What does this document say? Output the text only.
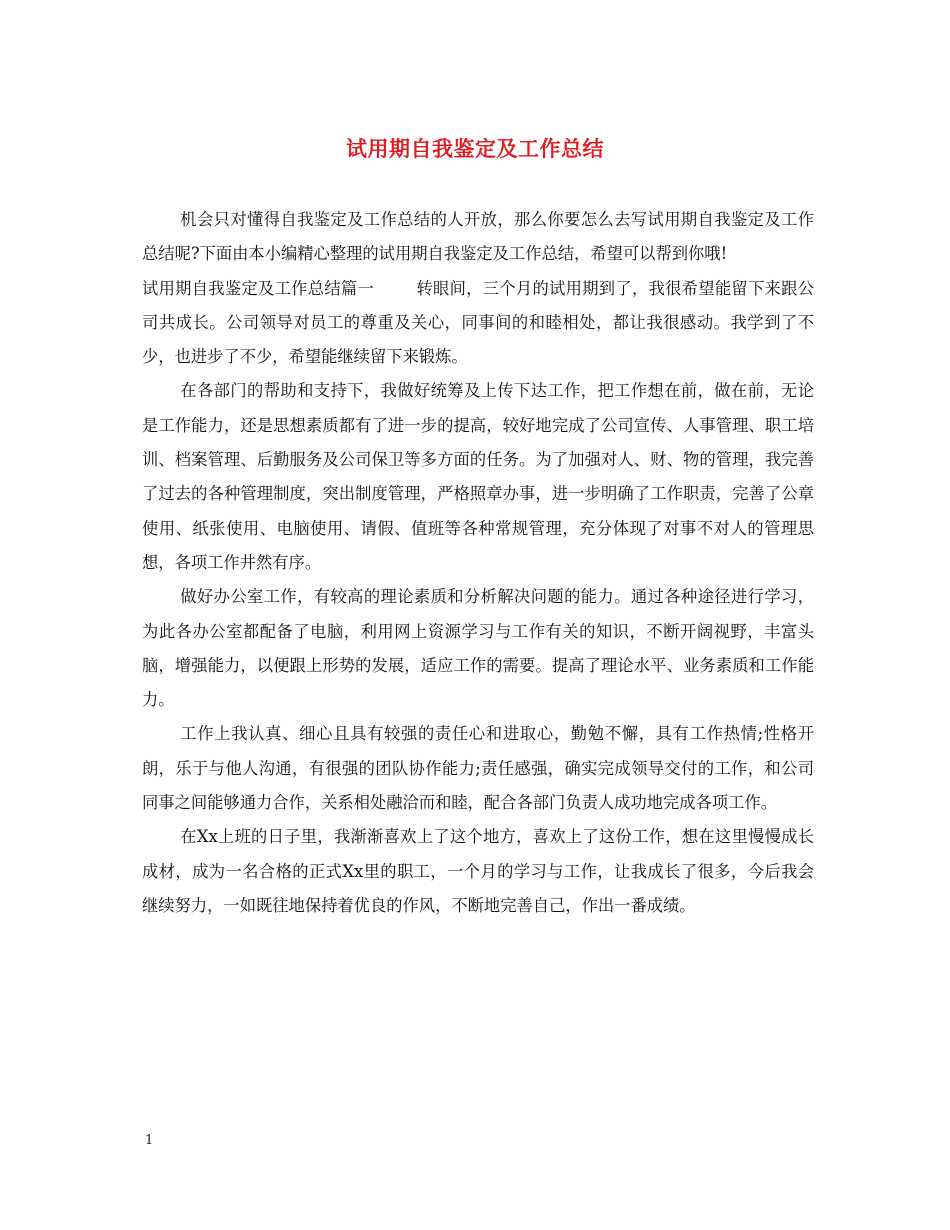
试用期自我鉴定及工作总结

机会只对懂得自我鉴定及工作总结的人开放，那么你要怎么去写试用期自我鉴定及工作总结呢?下面由本小编精心整理的试用期自我鉴定及工作总结，希望可以帮到你哦!

试用期自我鉴定及工作总结篇一	转眼间，三个月的试用期到了，我很希望能留下来跟公司共成长。公司领导对员工的尊重及关心，同事间的和睦相处，都让我很感动。我学到了不少，也进步了不少，希望能继续留下来锻炼。

在各部门的帮助和支持下，我做好统筹及上传下达工作，把工作想在前，做在前，无论是工作能力，还是思想素质都有了进一步的提高，较好地完成了公司宣传、人事管理、职工培训、档案管理、后勤服务及公司保卫等多方面的任务。为了加强对人、财、物的管理，我完善了过去的各种管理制度，突出制度管理，严格照章办事，进一步明确了工作职责，完善了公章使用、纸张使用、电脑使用、请假、值班等各种常规管理，充分体现了对事不对人的管理思想，各项工作井然有序。

做好办公室工作，有较高的理论素质和分析解决问题的能力。通过各种途径进行学习，为此各办公室都配备了电脑，利用网上资源学习与工作有关的知识，不断开阔视野，丰富头脑，增强能力，以便跟上形势的发展，适应工作的需要。提高了理论水平、业务素质和工作能力。

工作上我认真、细心且具有较强的责任心和进取心，勤勉不懈，具有工作热情;性格开朗，乐于与他人沟通，有很强的团队协作能力;责任感强，确实完成领导交付的工作，和公司同事之间能够通力合作，关系相处融洽而和睦，配合各部门负责人成功地完成各项工作。

在Xx上班的日子里，我渐渐喜欢上了这个地方，喜欢上了这份工作，想在这里慢慢成长成材，成为一名合格的正式Xx里的职工，一个月的学习与工作，让我成长了很多，今后我会继续努力，一如既往地保持着优良的作风，不断地完善自己，作出一番成绩。

1
